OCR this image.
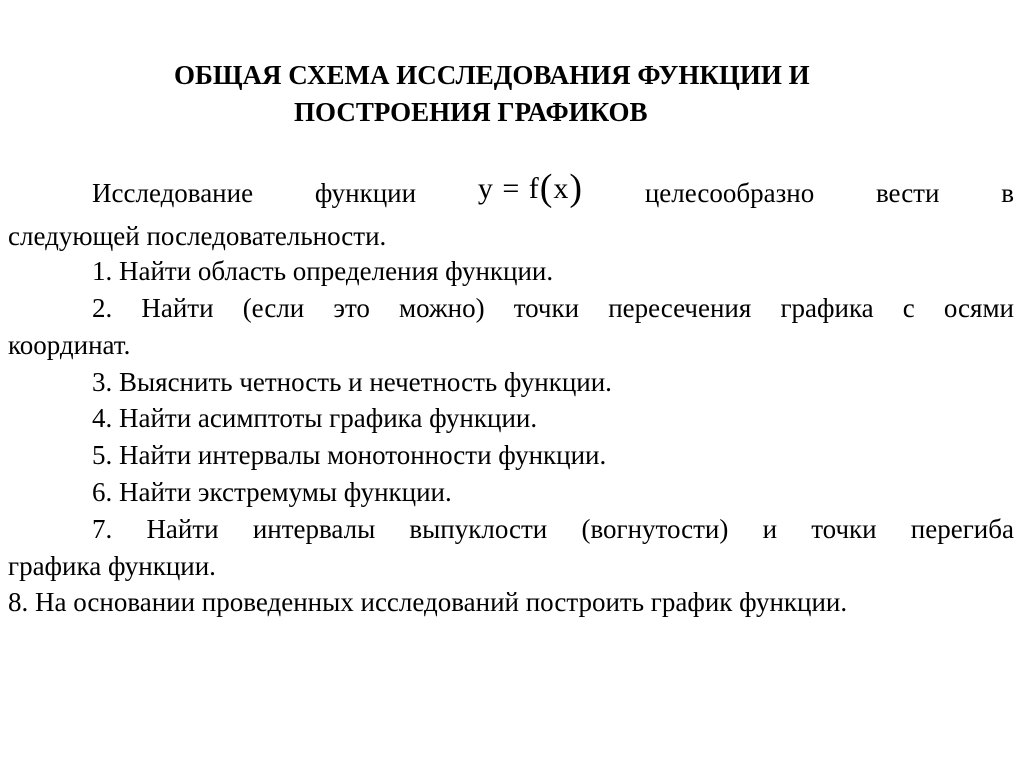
ОБЩАЯ СХЕМА ИССЛЕДОВАНИЯ ФУНКЦИИ И
ПОСТРОЕНИЯ ГРАФИКОВ
Исследование функции y = f(x) целесообразно вести в
следующей последовательности.
1. Найти область определения функции.
2. Найти (если это можно) точки пересечения графика с осями
координат.
3. Выяснить четность и нечетность функции.
4. Найти асимптоты графика функции.
5. Найти интервалы монотонности функции.
6. Найти экстремумы функции.
7. Найти интервалы выпуклости (вогнутости) и точки перегиба
графика функции.
8. На основании проведенных исследований построить график функции.
